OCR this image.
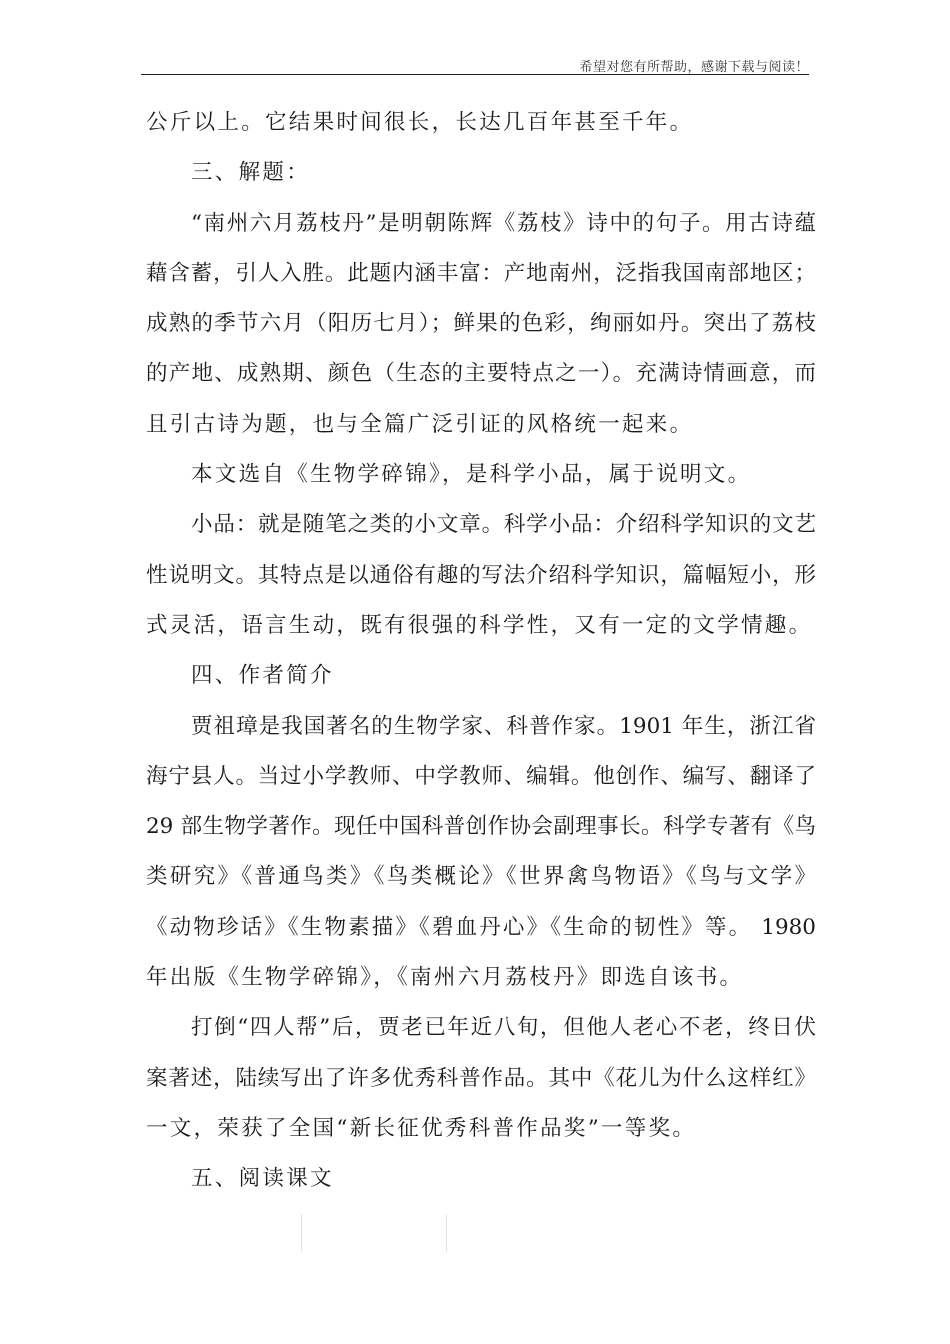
希望对您有所帮助，感谢下载与阅读！
公斤以上。它结果时间很长，长达几百年甚至千年。
三、解题：
“南州六月荔枝丹”是明朝陈辉《荔枝》诗中的句子。用古诗蕴
藉含蓄，引人入胜。此题内涵丰富：产地南州，泛指我国南部地区；
成熟的季节六月（阳历七月）；鲜果的色彩，绚丽如丹。突出了荔枝
的产地、成熟期、颜色（生态的主要特点之一）。充满诗情画意，而
且引古诗为题，也与全篇广泛引证的风格统一起来。
本文选自《生物学碎锦》，是科学小品，属于说明文。
小品：就是随笔之类的小文章。科学小品：介绍科学知识的文艺
性说明文。其特点是以通俗有趣的写法介绍科学知识，篇幅短小，形
式灵活，语言生动，既有很强的科学性，又有一定的文学情趣。
四、作者简介
贾祖璋是我国著名的生物学家、科普作家。1901 年生，浙江省
海宁县人。当过小学教师、中学教师、编辑。他创作、编写、翻译了
29 部生物学著作。现任中国科普创作协会副理事长。科学专著有《鸟
类研究》《普通鸟类》《鸟类概论》《世界禽鸟物语》《鸟与文学》
《动物珍话》《生物素描》《碧血丹心》《生命的韧性》等。 1980
年出版《生物学碎锦》，《南州六月荔枝丹》即选自该书。
打倒“四人帮”后，贾老已年近八旬，但他人老心不老，终日伏
案著述，陆续写出了许多优秀科普作品。其中《花儿为什么这样红》
一文，荣获了全国“新长征优秀科普作品奖”一等奖。
五、阅读课文
